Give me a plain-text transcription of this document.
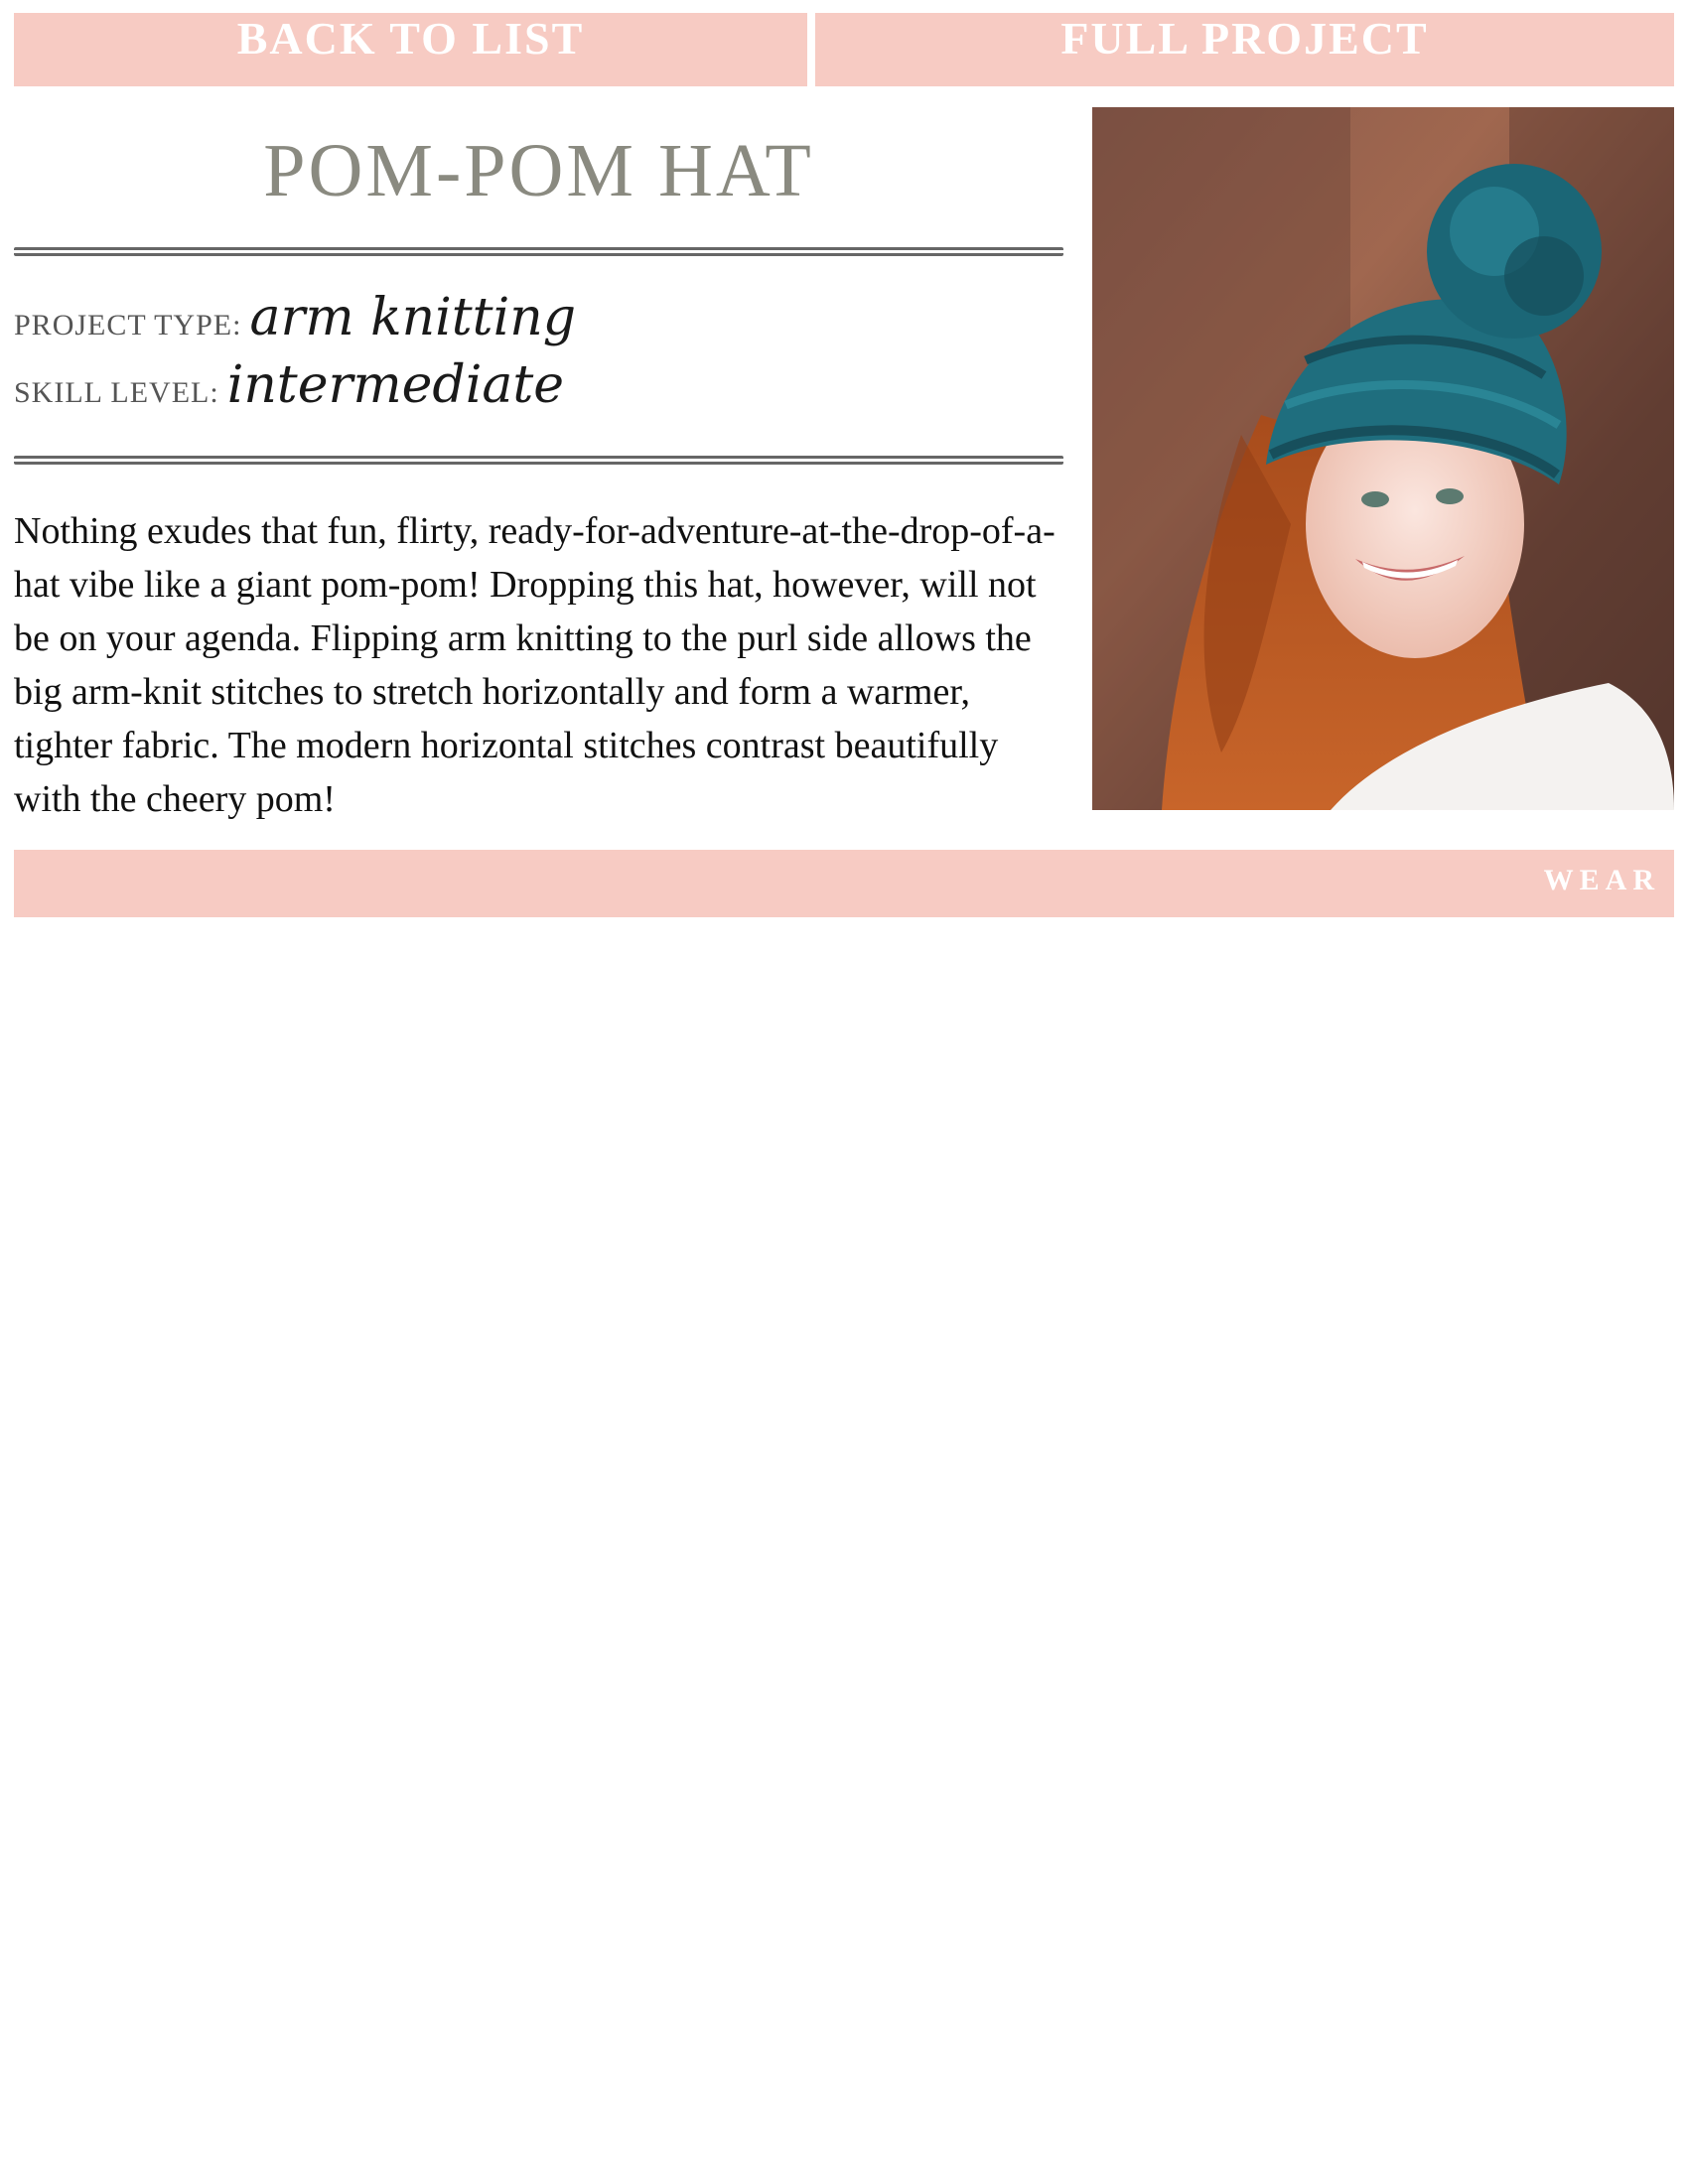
BACK TO LIST	FULL PROJECT
POM-POM HAT
PROJECT TYPE: arm knitting
SKILL LEVEL: intermediate

Nothing exudes that fun, flirty, ready-for-adventure-at-the-drop-of-a-hat vibe like a giant pom-pom! Dropping this hat, however, will not be on your agenda. Flipping arm knitting to the purl side allows the big arm-knit stitches to stretch horizontally and form a warmer, tighter fabric. The modern horizontal stitches contrast beautifully with the cheery pom!

WEAR
